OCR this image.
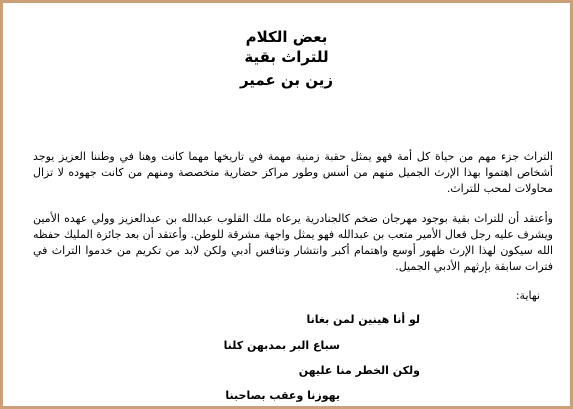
بعض الكلام
للتراث بقية
زين بن عمير
التراث جزء مهم من حياة كل أمة فهو يمثل حقبة زمنية مهمة في تاريخها مهما كانت وهنا في وطننا العزيز يوجد أشخاص اهتموا بهذا الإرث الجميل منهم من أسس وطور مراكز حضارية متخصصة ومنهم من كانت جهوده لا تزال محاولات لمحب للتراث.
وأعتقد أن للتراث بقية بوجود مهرجان ضخم كالجنادرية يرعاه ملك القلوب عبدالله بن عبدالعزيز وولي عهده الأمين ويشرف عليه رجل فعال الأمير متعب بن عبدالله فهو يمثل واجهة مشرقة للوطن. وأعتقد أن بعد جائزة المليك حفظه الله سيكون لهذا الإرث ظهور أوسع واهتمام أكبر وانتشار وتنافس أدبي ولكن لابد من تكريم من خدموا التراث في فترات سابقة بإرثهم الأدبي الجميل.
نهاية:
لو أنا هينين لمن بغانا
سباع البر بمدبهن كلنا
ولكن الخطر منا عليهن
يهوزنا وعقب بصاحبنا
